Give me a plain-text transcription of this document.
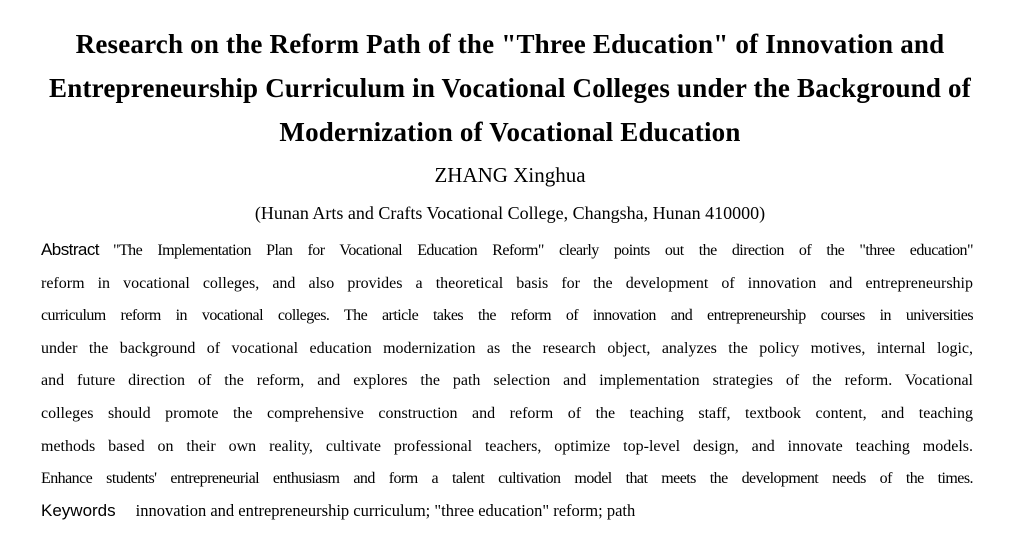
Research on the Reform Path of the "Three Education" of Innovation and
Entrepreneurship Curriculum in Vocational Colleges under the Background of
Modernization of Vocational Education

ZHANG Xinghua

(Hunan Arts and Crafts Vocational College, Changsha, Hunan 410000)

Abstract "The Implementation Plan for Vocational Education Reform" clearly points out the direction of the "three education"
reform in vocational colleges, and also provides a theoretical basis for the development of innovation and entrepreneurship
curriculum reform in vocational colleges. The article takes the reform of innovation and entrepreneurship courses in universities
under the background of vocational education modernization as the research object, analyzes the policy motives, internal logic,
and future direction of the reform, and explores the path selection and implementation strategies of the reform. Vocational
colleges should promote the comprehensive construction and reform of the teaching staff, textbook content, and teaching
methods based on their own reality, cultivate professional teachers, optimize top-level design, and innovate teaching models.
Enhance students' entrepreneurial enthusiasm and form a talent cultivation model that meets the development needs of the times.

Keywords innovation and entrepreneurship curriculum; "three education" reform; path
